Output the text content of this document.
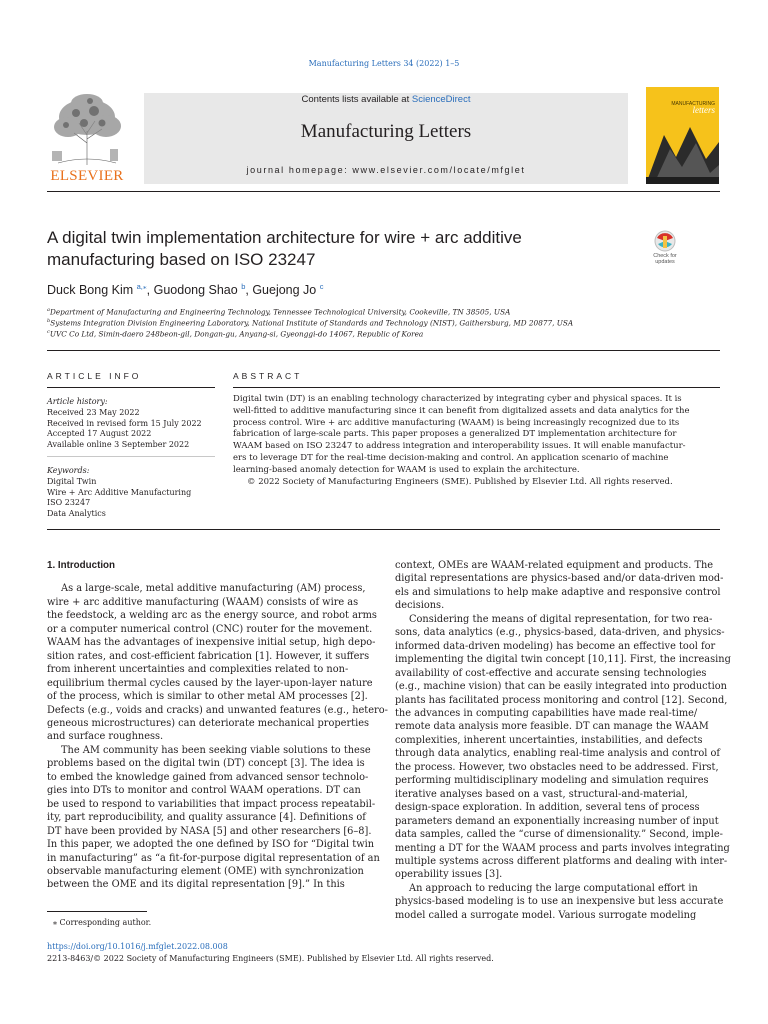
Manufacturing Letters 34 (2022) 1–5
ELSEVIER
Contents lists available at ScienceDirect
Manufacturing Letters
journal homepage: www.elsevier.com/locate/mfglet
MANUFACTURING
letters
A digital twin implementation architecture for wire + arc additive
manufacturing based on ISO 23247	Check for updates
Duck Bong Kim $^{a,⁎}$, Guodong Shao $^b$, Guejong Jo $^c$
$^a$Department of Manufacturing and Engineering Technology, Tennessee Technological University, Cookeville, TN 38505, USA
$^b$Systems Integration Division Engineering Laboratory, National Institute of Standards and Technology (NIST), Gaithersburg, MD 20877, USA
$^c$UVC Co Ltd, Simin-daero 248beon-gil, Dongan-gu, Anyang-si, Gyeonggi-do 14067, Republic of Korea
ARTICLE INFO
Article history:
Received 23 May 2022
Received in revised form 15 July 2022
Accepted 17 August 2022
Available online 3 September 2022
Keywords:
Digital Twin
Wire + Arc Additive Manufacturing
ISO 23247
Data Analytics
ABSTRACT
Digital twin (DT) is an enabling technology characterized by integrating cyber and physical spaces. It is
well-fitted to additive manufacturing since it can benefit from digitalized assets and data analytics for the
process control. Wire + arc additive manufacturing (WAAM) is being increasingly recognized due to its
fabrication of large-scale parts. This paper proposes a generalized DT implementation architecture for
WAAM based on ISO 23247 to address integration and interoperability issues. It will enable manufactur-
ers to leverage DT for the real-time decision-making and control. An application scenario of machine
learning-based anomaly detection for WAAM is used to explain the architecture.
© 2022 Society of Manufacturing Engineers (SME). Published by Elsevier Ltd. All rights reserved.
1. Introduction
As a large-scale, metal additive manufacturing (AM) process,
wire + arc additive manufacturing (WAAM) consists of wire as
the feedstock, a welding arc as the energy source, and robot arms
or a computer numerical control (CNC) router for the movement.
WAAM has the advantages of inexpensive initial setup, high depo-
sition rates, and cost-efficient fabrication [1]. However, it suffers
from inherent uncertainties and complexities related to non-
equilibrium thermal cycles caused by the layer-upon-layer nature
of the process, which is similar to other metal AM processes [2].
Defects (e.g., voids and cracks) and unwanted features (e.g., hetero-
geneous microstructures) can deteriorate mechanical properties
and surface roughness.
The AM community has been seeking viable solutions to these
problems based on the digital twin (DT) concept [3]. The idea is
to embed the knowledge gained from advanced sensor technolo-
gies into DTs to monitor and control WAAM operations. DT can
be used to respond to variabilities that impact process repeatabil-
ity, part reproducibility, and quality assurance [4]. Definitions of
DT have been provided by NASA [5] and other researchers [6–8].
In this paper, we adopted the one defined by ISO for “Digital twin
in manufacturing” as “a fit-for-purpose digital representation of an
observable manufacturing element (OME) with synchronization
between the OME and its digital representation [9].” In this
context, OMEs are WAAM-related equipment and products. The
digital representations are physics-based and/or data-driven mod-
els and simulations to help make adaptive and responsive control
decisions.
Considering the means of digital representation, for two rea-
sons, data analytics (e.g., physics-based, data-driven, and physics-
informed data-driven modeling) has become an effective tool for
implementing the digital twin concept [10,11]. First, the increasing
availability of cost-effective and accurate sensing technologies
(e.g., machine vision) that can be easily integrated into production
plants has facilitated process monitoring and control [12]. Second,
the advances in computing capabilities have made real-time/
remote data analysis more feasible. DT can manage the WAAM
complexities, inherent uncertainties, instabilities, and defects
through data analytics, enabling real-time analysis and control of
the process. However, two obstacles need to be addressed. First,
performing multidisciplinary modeling and simulation requires
iterative analyses based on a vast, structural-and-material,
design-space exploration. In addition, several tens of process
parameters demand an exponentially increasing number of input
data samples, called the “curse of dimensionality.” Second, imple-
menting a DT for the WAAM process and parts involves integrating
multiple systems across different platforms and dealing with inter-
operability issues [3].
An approach to reducing the large computational effort in
physics-based modeling is to use an inexpensive but less accurate
model called a surrogate model. Various surrogate modeling
⁎ Corresponding author.
https://doi.org/10.1016/j.mfglet.2022.08.008
2213-8463/© 2022 Society of Manufacturing Engineers (SME). Published by Elsevier Ltd. All rights reserved.
